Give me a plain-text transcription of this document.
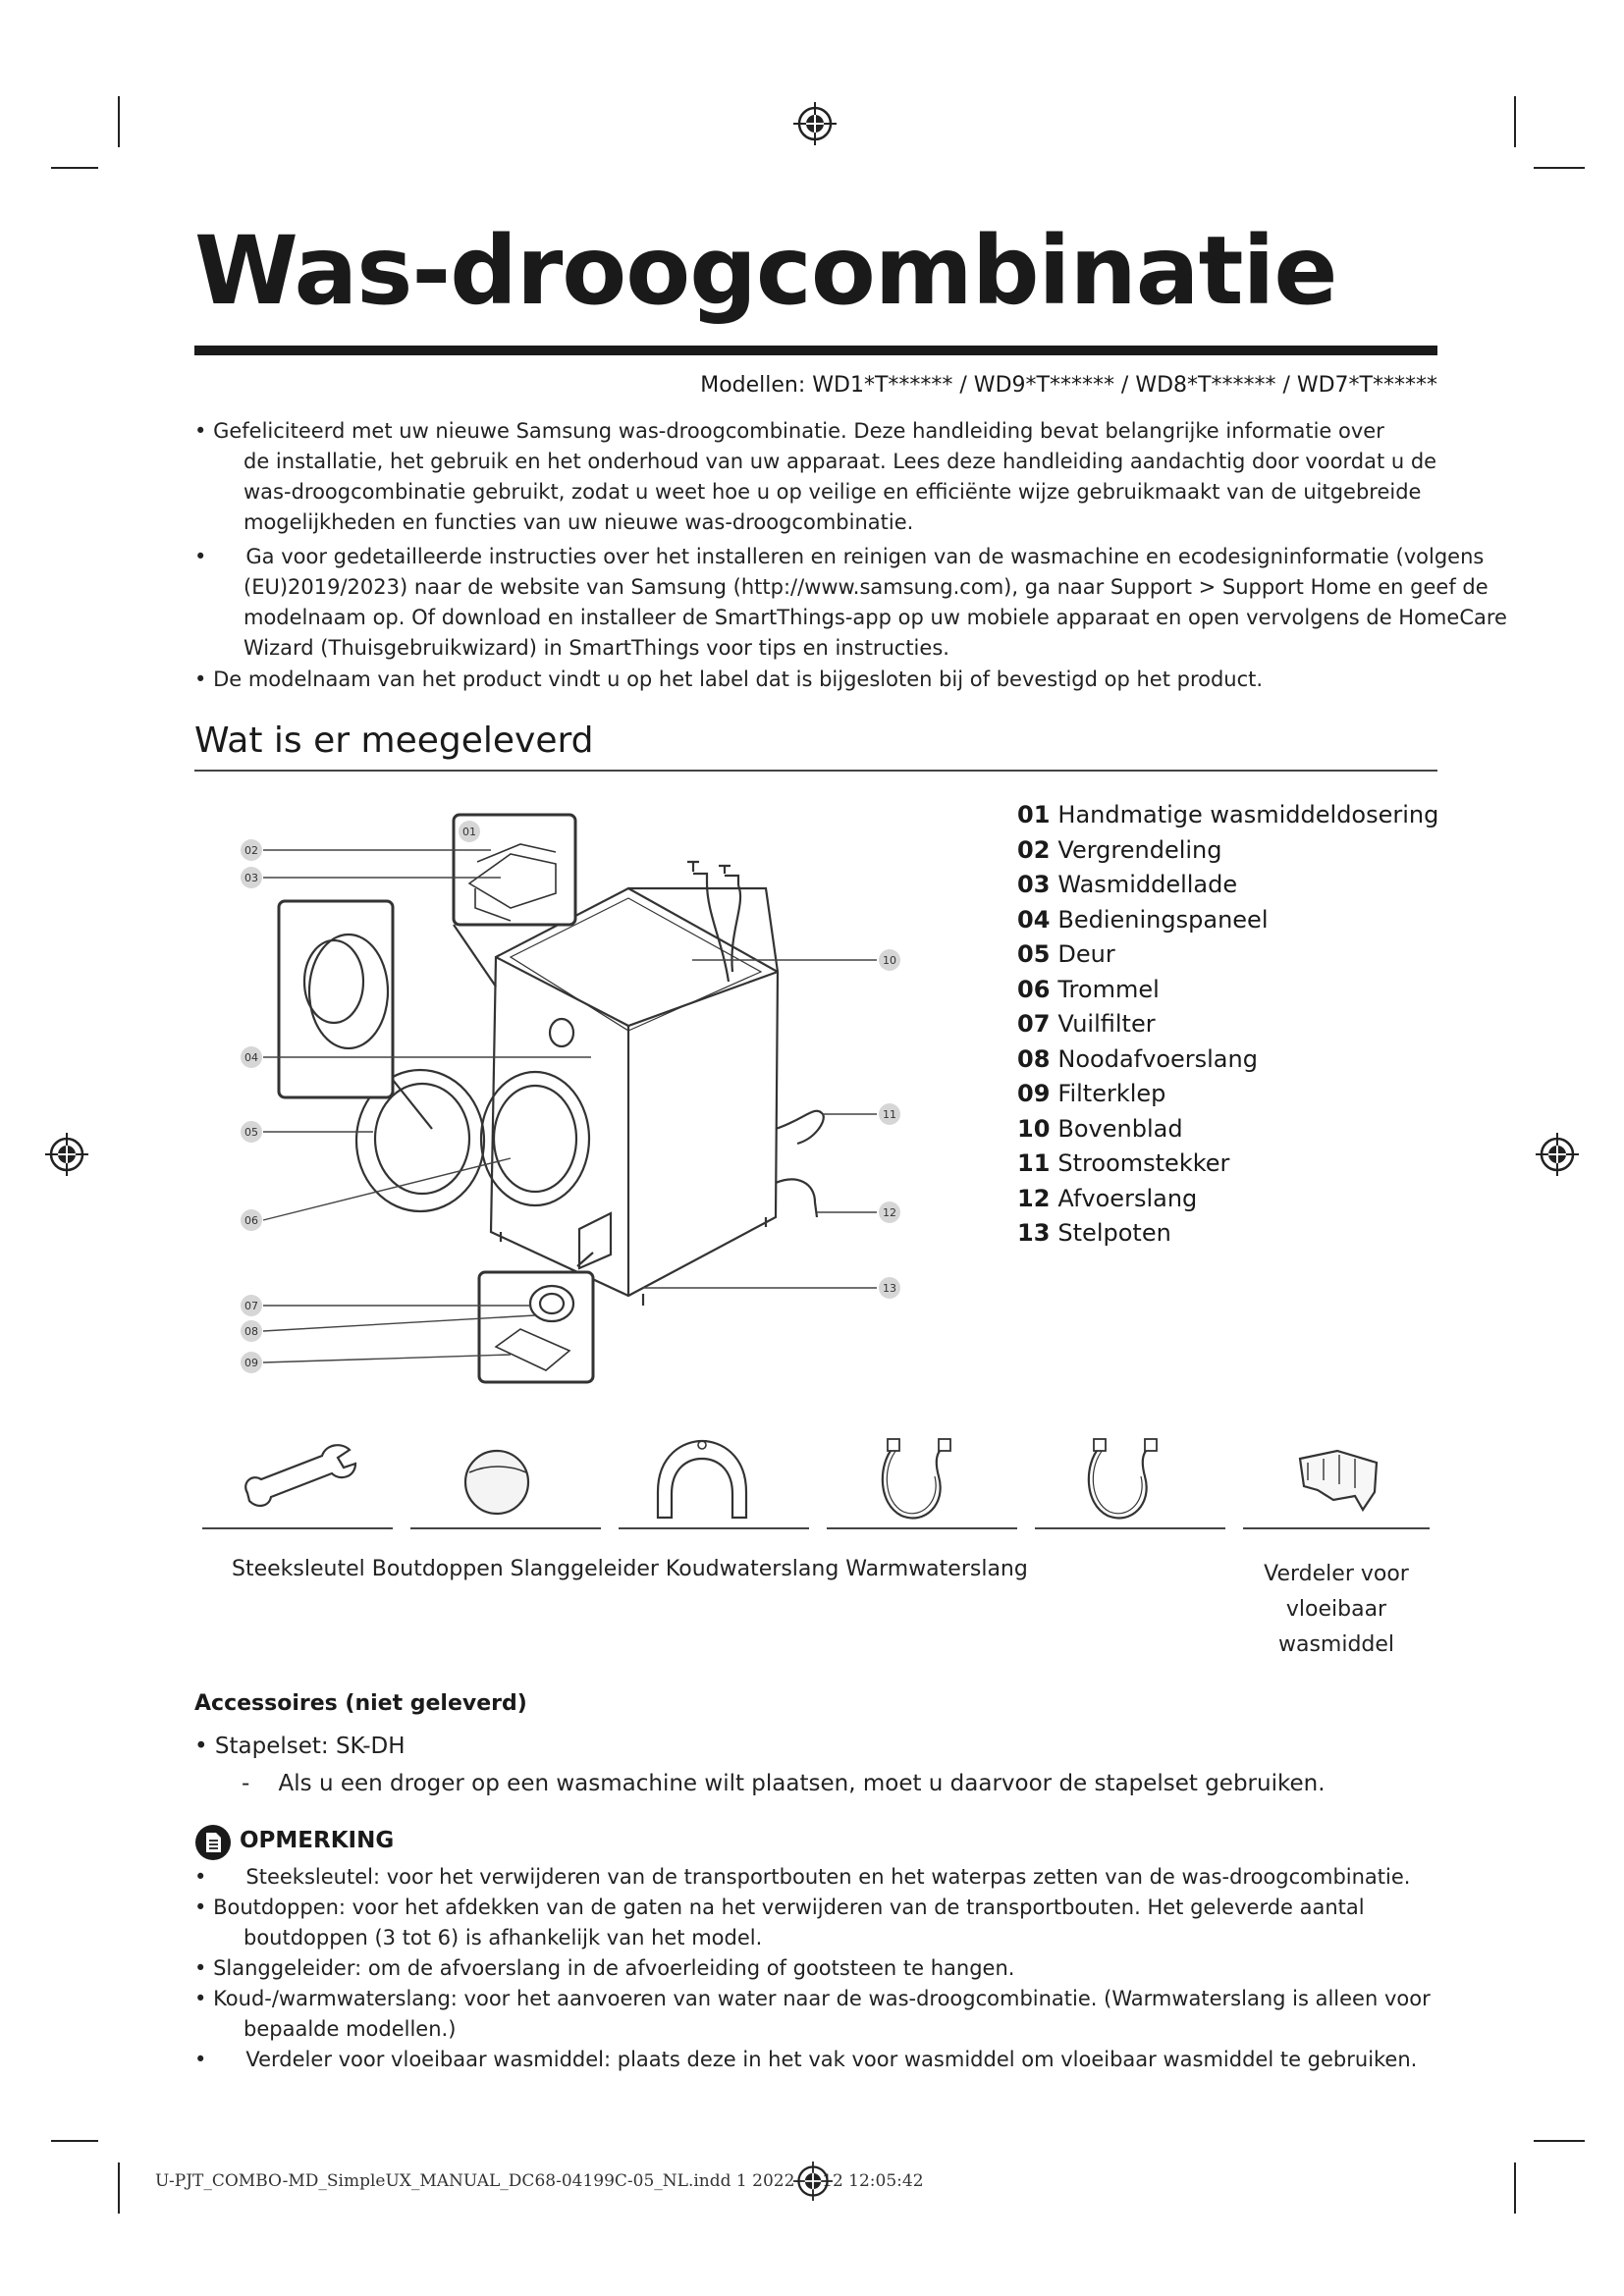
Was-droogcombinatie
Modellen: WD1*T****** / WD9*T****** / WD8*T****** / WD7*T******
• Gefeliciteerd met uw nieuwe Samsung was-droogcombinatie. Deze handleiding bevat belangrijke informatie over
de installatie, het gebruik en het onderhoud van uw apparaat. Lees deze handleiding aandachtig door voordat u de
was-droogcombinatie gebruikt, zodat u weet hoe u op veilige en efficiënte wijze gebruikmaakt van de uitgebreide
mogelijkheden en functies van uw nieuwe was-droogcombinatie.
• Ga voor gedetailleerde instructies over het installeren en reinigen van de wasmachine en ecodesigninformatie (volgens
(EU)2019/2023) naar de website van Samsung (http://www.samsung.com), ga naar Support > Support Home en geef de
modelnaam op. Of download en installeer de SmartThings-app op uw mobiele apparaat en open vervolgens de HomeCare
Wizard (Thuisgebruikwizard) in SmartThings voor tips en instructies.
• De modelnaam van het product vindt u op het label dat is bijgesloten bij of bevestigd op het product.
Wat is er meegeleverd
01
02
03
04
05
06
07
08
09
10
11
12
13
01 Handmatige wasmiddeldosering
02 Vergrendeling
03 Wasmiddellade
04 Bedieningspaneel
05 Deur
06 Trommel
07 Vuilfilter
08 Noodafvoerslang
09 Filterklep
10 Bovenblad
11 Stroomstekker
12 Afvoerslang
13 Stelpoten
Steeksleutel Boutdoppen Slanggeleider Koudwaterslang Warmwaterslang	Verdeler voor
vloeibaar
wasmiddel
Accessoires (niet geleverd)
• Stapelset: SK-DH
-    Als u een droger op een wasmachine wilt plaatsen, moet u daarvoor de stapelset gebruiken.
OPMERKING
• Steeksleutel: voor het verwijderen van de transportbouten en het waterpas zetten van de was-droogcombinatie.
• Boutdoppen: voor het afdekken van de gaten na het verwijderen van de transportbouten. Het geleverde aantal
boutdoppen (3 tot 6) is afhankelijk van het model.
• Slanggeleider: om de afvoerslang in de afvoerleiding of gootsteen te hangen.
• Koud-/warmwaterslang: voor het aanvoeren van water naar de was-droogcombinatie. (Warmwaterslang is alleen voor
bepaalde modellen.)
• Verdeler voor vloeibaar wasmiddel: plaats deze in het vak voor wasmiddel om vloeibaar wasmiddel te gebruiken.
U-PJT_COMBO-MD_SimpleUX_MANUAL_DC68-04199C-05_NL.indd 1 2022- 12 12:05:42
